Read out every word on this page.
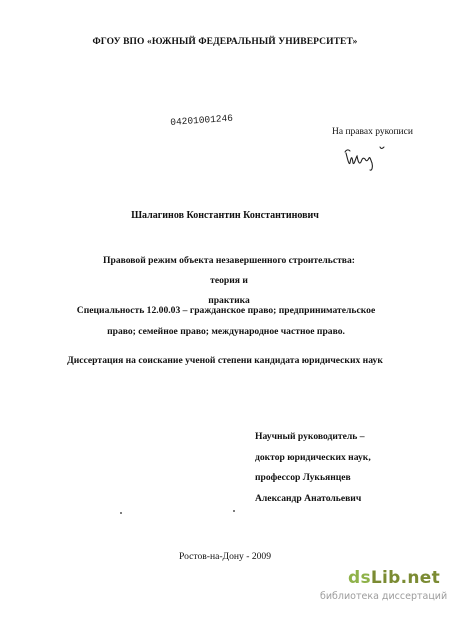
ФГОУ ВПО «ЮЖНЫЙ ФЕДЕРАЛЬНЫЙ УНИВЕРСИТЕТ»
04201001246
На правах рукописи
Шалагинов Константин Константинович
Правовой режим объекта незавершенного строительства: теория и
практика
Специальность 12.00.03 – гражданское право; предпринимательское
право; семейное право; международное частное право.
Диссертация на соискание ученой степени кандидата юридических наук
Научный руководитель –
доктор юридических наук,
профессор Лукьянцев
Александр Анатольевич
Ростов-на-Дону - 2009
dsLib.net
библиотека диссертаций
